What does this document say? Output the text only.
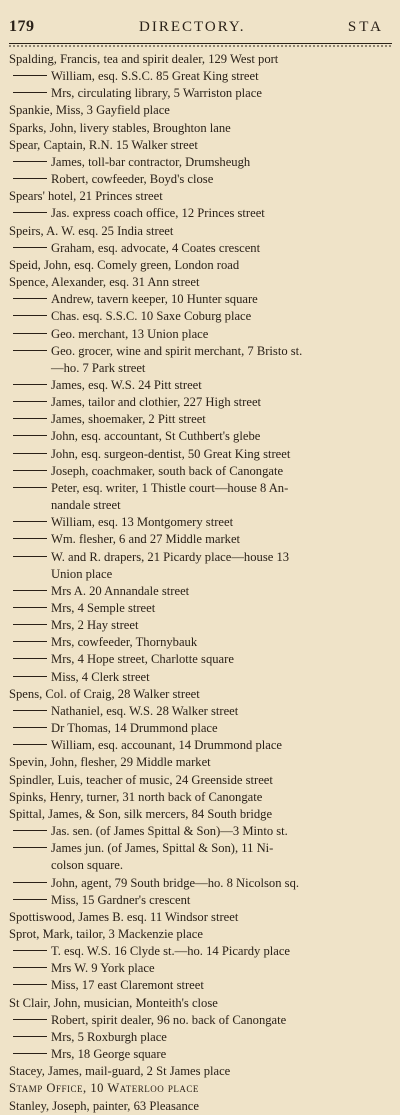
179	DIRECTORY.	STA
Spalding, Francis, tea and spirit dealer, 129 West port
William, esq. S.S.C. 85 Great King street
Mrs, circulating library, 5 Warriston place
Spankie, Miss, 3 Gayfield place
Sparks, John, livery stables, Broughton lane
Spear, Captain, R.N. 15 Walker street
James, toll-bar contractor, Drumsheugh
Robert, cowfeeder, Boyd's close
Spears' hotel, 21 Princes street
Jas. express coach office, 12 Princes street
Speirs, A. W. esq. 25 India street
Graham, esq. advocate, 4 Coates crescent
Speid, John, esq. Comely green, London road
Spence, Alexander, esq. 31 Ann street
Andrew, tavern keeper, 10 Hunter square
Chas. esq. S.S.C. 10 Saxe Coburg place
Geo. merchant, 13 Union place
Geo. grocer, wine and spirit merchant, 7 Bristo st.
—ho. 7 Park street
James, esq. W.S. 24 Pitt street
James, tailor and clothier, 227 High street
James, shoemaker, 2 Pitt street
John, esq. accountant, St Cuthbert's glebe
John, esq. surgeon-dentist, 50 Great King street
Joseph, coachmaker, south back of Canongate
Peter, esq. writer, 1 Thistle court—house 8 An-
nandale street
William, esq. 13 Montgomery street
Wm. flesher, 6 and 27 Middle market
W. and R. drapers, 21 Picardy place—house 13
Union place
Mrs A. 20 Annandale street
Mrs, 4 Semple street
Mrs, 2 Hay street
Mrs, cowfeeder, Thornybauk
Mrs, 4 Hope street, Charlotte square
Miss, 4 Clerk street
Spens, Col. of Craig, 28 Walker street
Nathaniel, esq. W.S. 28 Walker street
Dr Thomas, 14 Drummond place
William, esq. accounant, 14 Drummond place
Spevin, John, flesher, 29 Middle market
Spindler, Luis, teacher of music, 24 Greenside street
Spinks, Henry, turner, 31 north back of Canongate
Spittal, James, & Son, silk mercers, 84 South bridge
Jas. sen. (of James Spittal & Son)—3 Minto st.
James jun. (of James, Spittal & Son), 11 Ni-
colson square.
John, agent, 79 South bridge—ho. 8 Nicolson sq.
Miss, 15 Gardner's crescent
Spottiswood, James B. esq. 11 Windsor street
Sprot, Mark, tailor, 3 Mackenzie place
T. esq. W.S. 16 Clyde st.—ho. 14 Picardy place
Mrs W. 9 York place
Miss, 17 east Claremont street
St Clair, John, musician, Monteith's close
Robert, spirit dealer, 96 no. back of Canongate
Mrs, 5 Roxburgh place
Mrs, 18 George square
Stacey, James, mail-guard, 2 St James place
Stamp Office, 10 Waterloo place
Stanley, Joseph, painter, 63 Pleasance
